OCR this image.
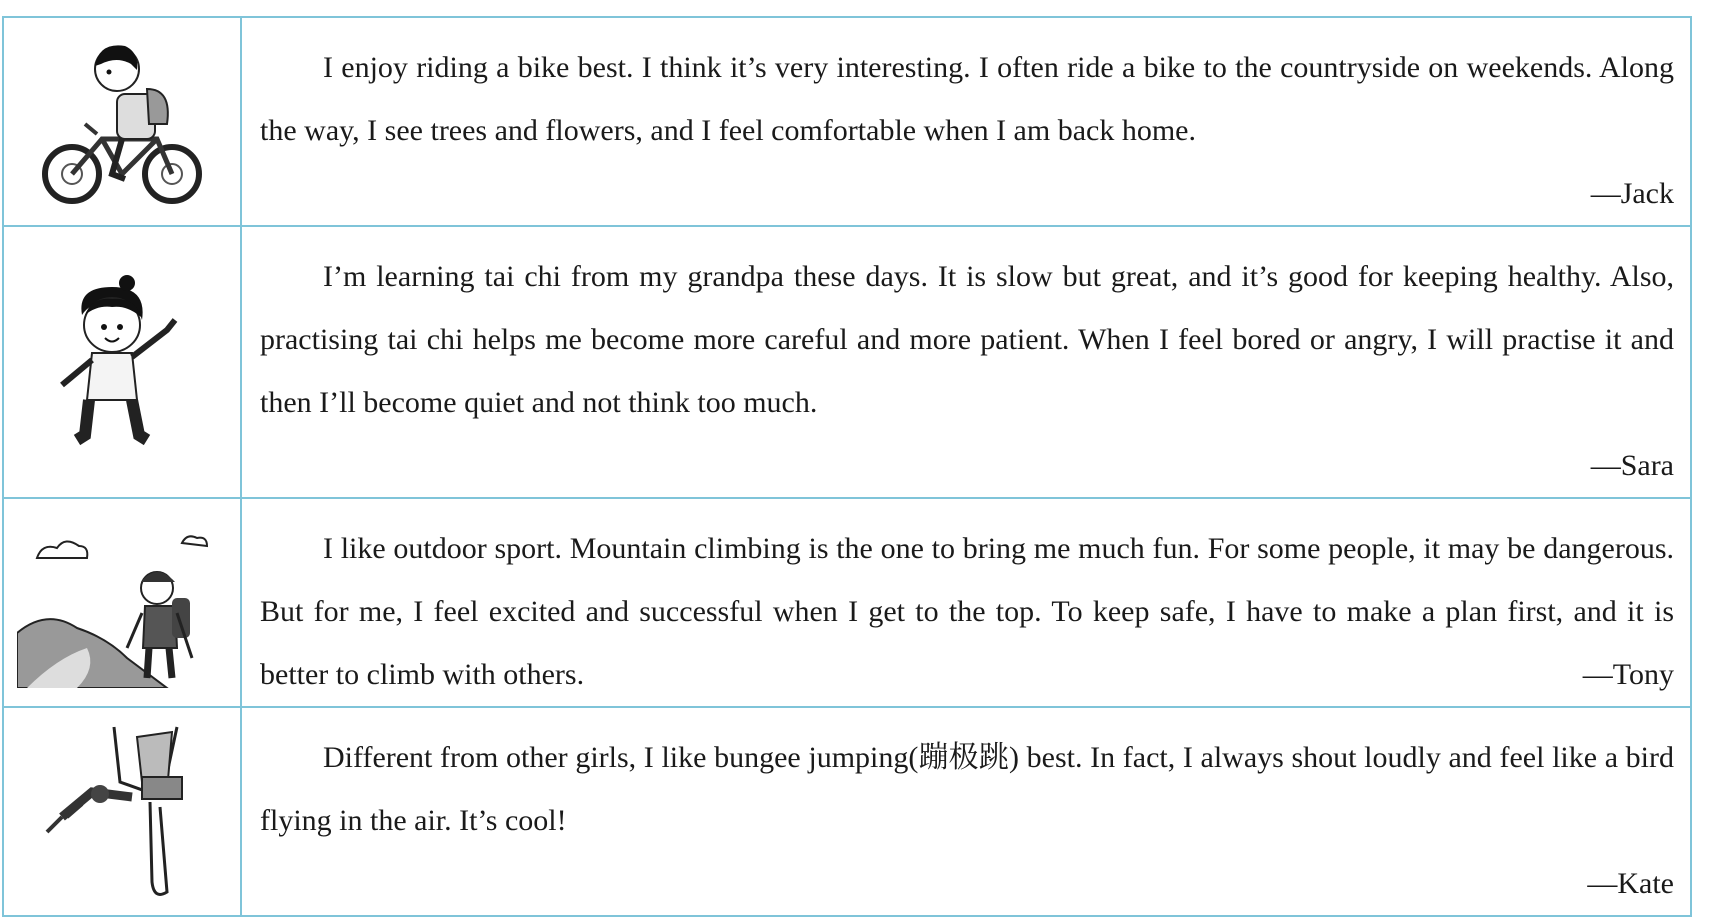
I enjoy riding a bike best. I think it’s very interesting. I often ride a bike to the countryside on weekends. Along the way, I see trees and flowers, and I feel comfortable when I am back home.

—Jack

I’m learning tai chi from my grandpa these days. It is slow but great, and it’s good for keeping healthy. Also, practising tai chi helps me become more careful and more patient. When I feel bored or angry, I will practise it and then I’ll become quiet and not think too much.

—Sara

I like outdoor sport. Mountain climbing is the one to bring me much fun. For some people, it may be dangerous. But for me, I feel excited and successful when I get to the top. To keep safe, I have to make a plan first, and it is better to climb with others. —Tony

Different from other girls, I like bungee jumping(蹦极跳) best. In fact, I always shout loudly and feel like a bird flying in the air. It’s cool!

—Kate
